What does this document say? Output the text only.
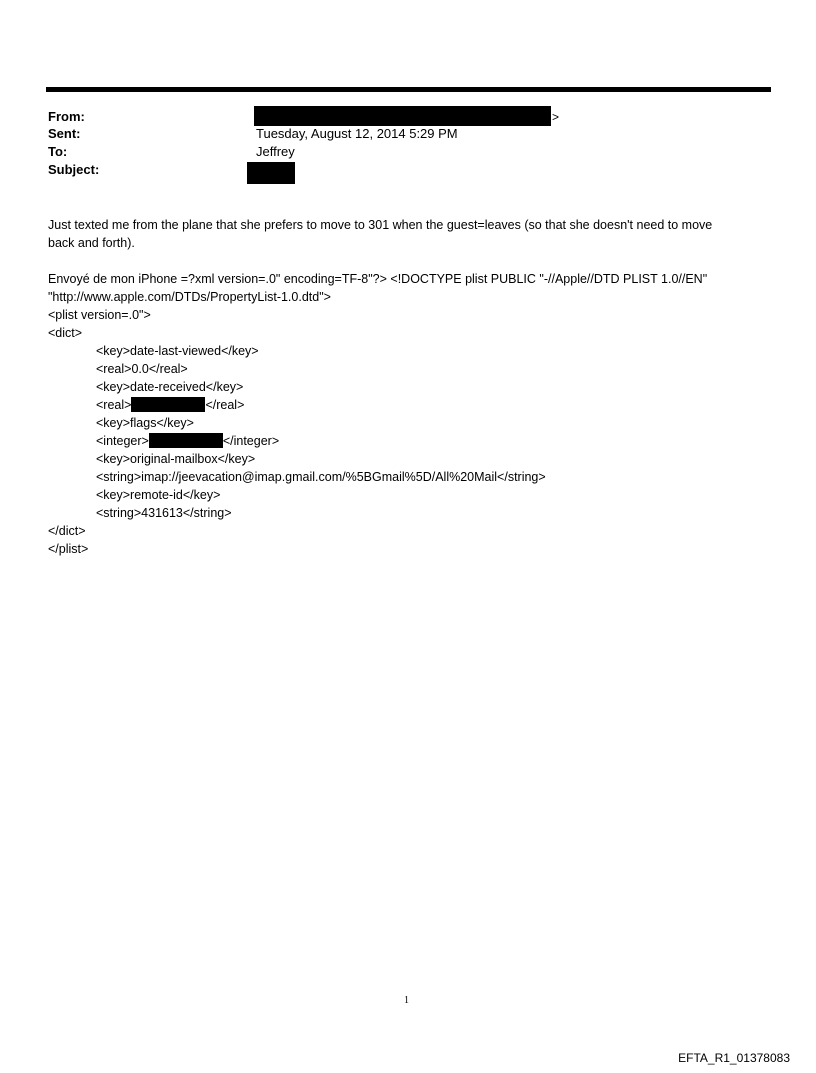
From:	>
Sent:	Tuesday, August 12, 2014 5:29 PM
To:	Jeffrey
Subject:
Just texted me from the plane that she prefers to move to 301 when the guest=leaves (so that she doesn't need to move
back and forth).
Envoyé de mon iPhone =?xml version=.0" encoding=TF-8"?> <!DOCTYPE plist PUBLIC "-//Apple//DTD PLIST 1.0//EN"
"http://www.apple.com/DTDs/PropertyList-1.0.dtd">
<plist version=.0">
<dict>
<key>date-last-viewed</key>
<real>0.0</real>
<key>date-received</key>
<real>	</real>
<key>flags</key>
<integer>	</integer>
<key>original-mailbox</key>
<string>imap://jeevacation@imap.gmail.com/%5BGmail%5D/All%20Mail</string>
<key>remote-id</key>
<string>431613</string>
</dict>
</plist>
1
EFTA_R1_01378083
